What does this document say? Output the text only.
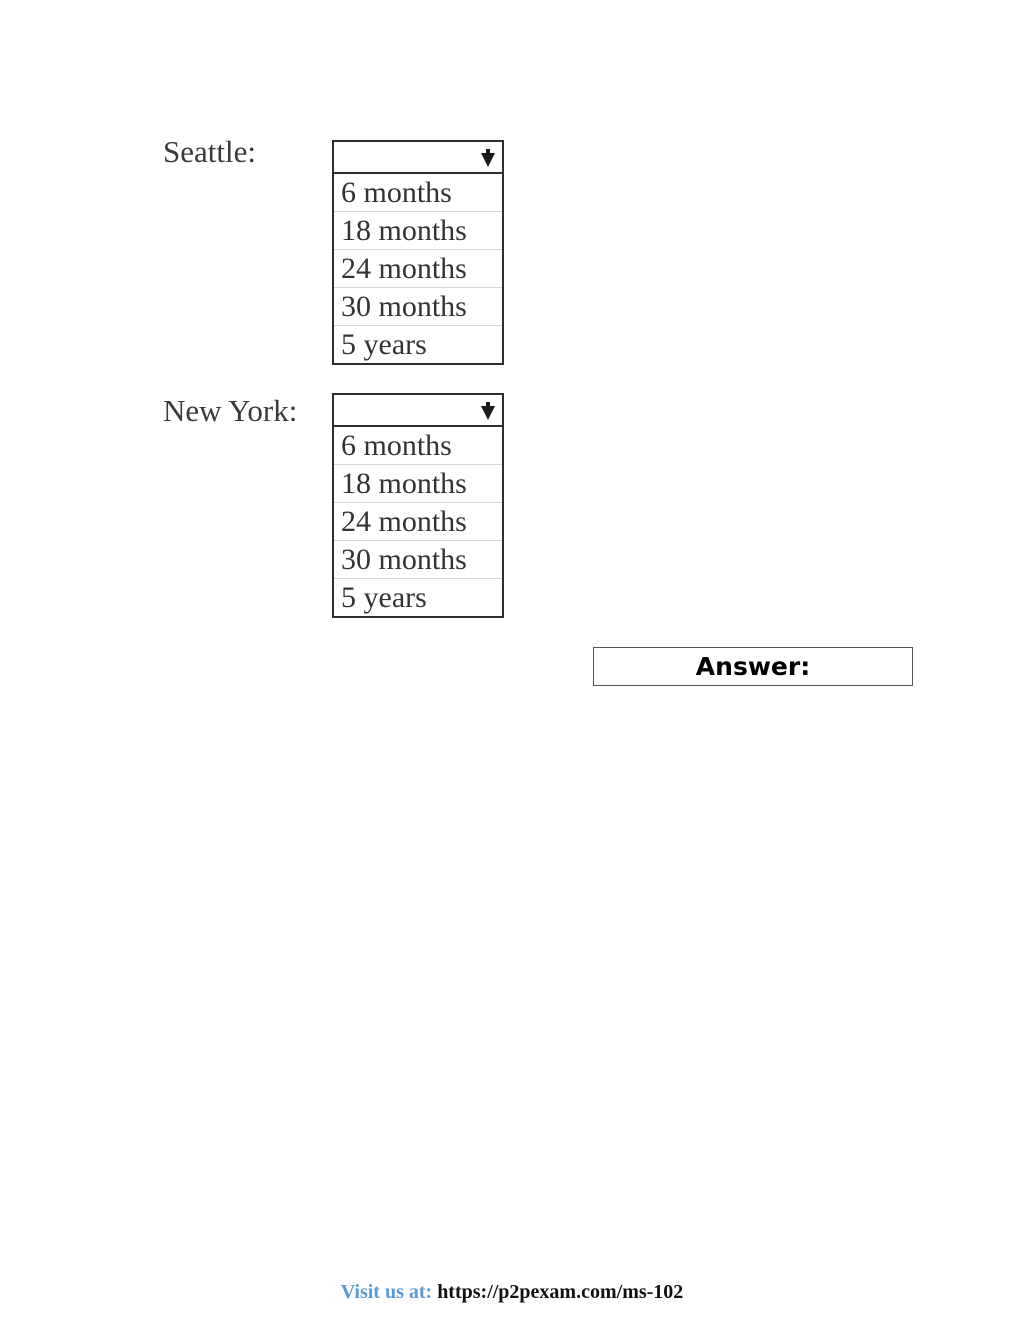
Seattle:
6 months
18 months
24 months
30 months
5 years
New York:
6 months
18 months
24 months
30 months
5 years
Answer:
Visit us at: https://p2pexam.com/ms-102
